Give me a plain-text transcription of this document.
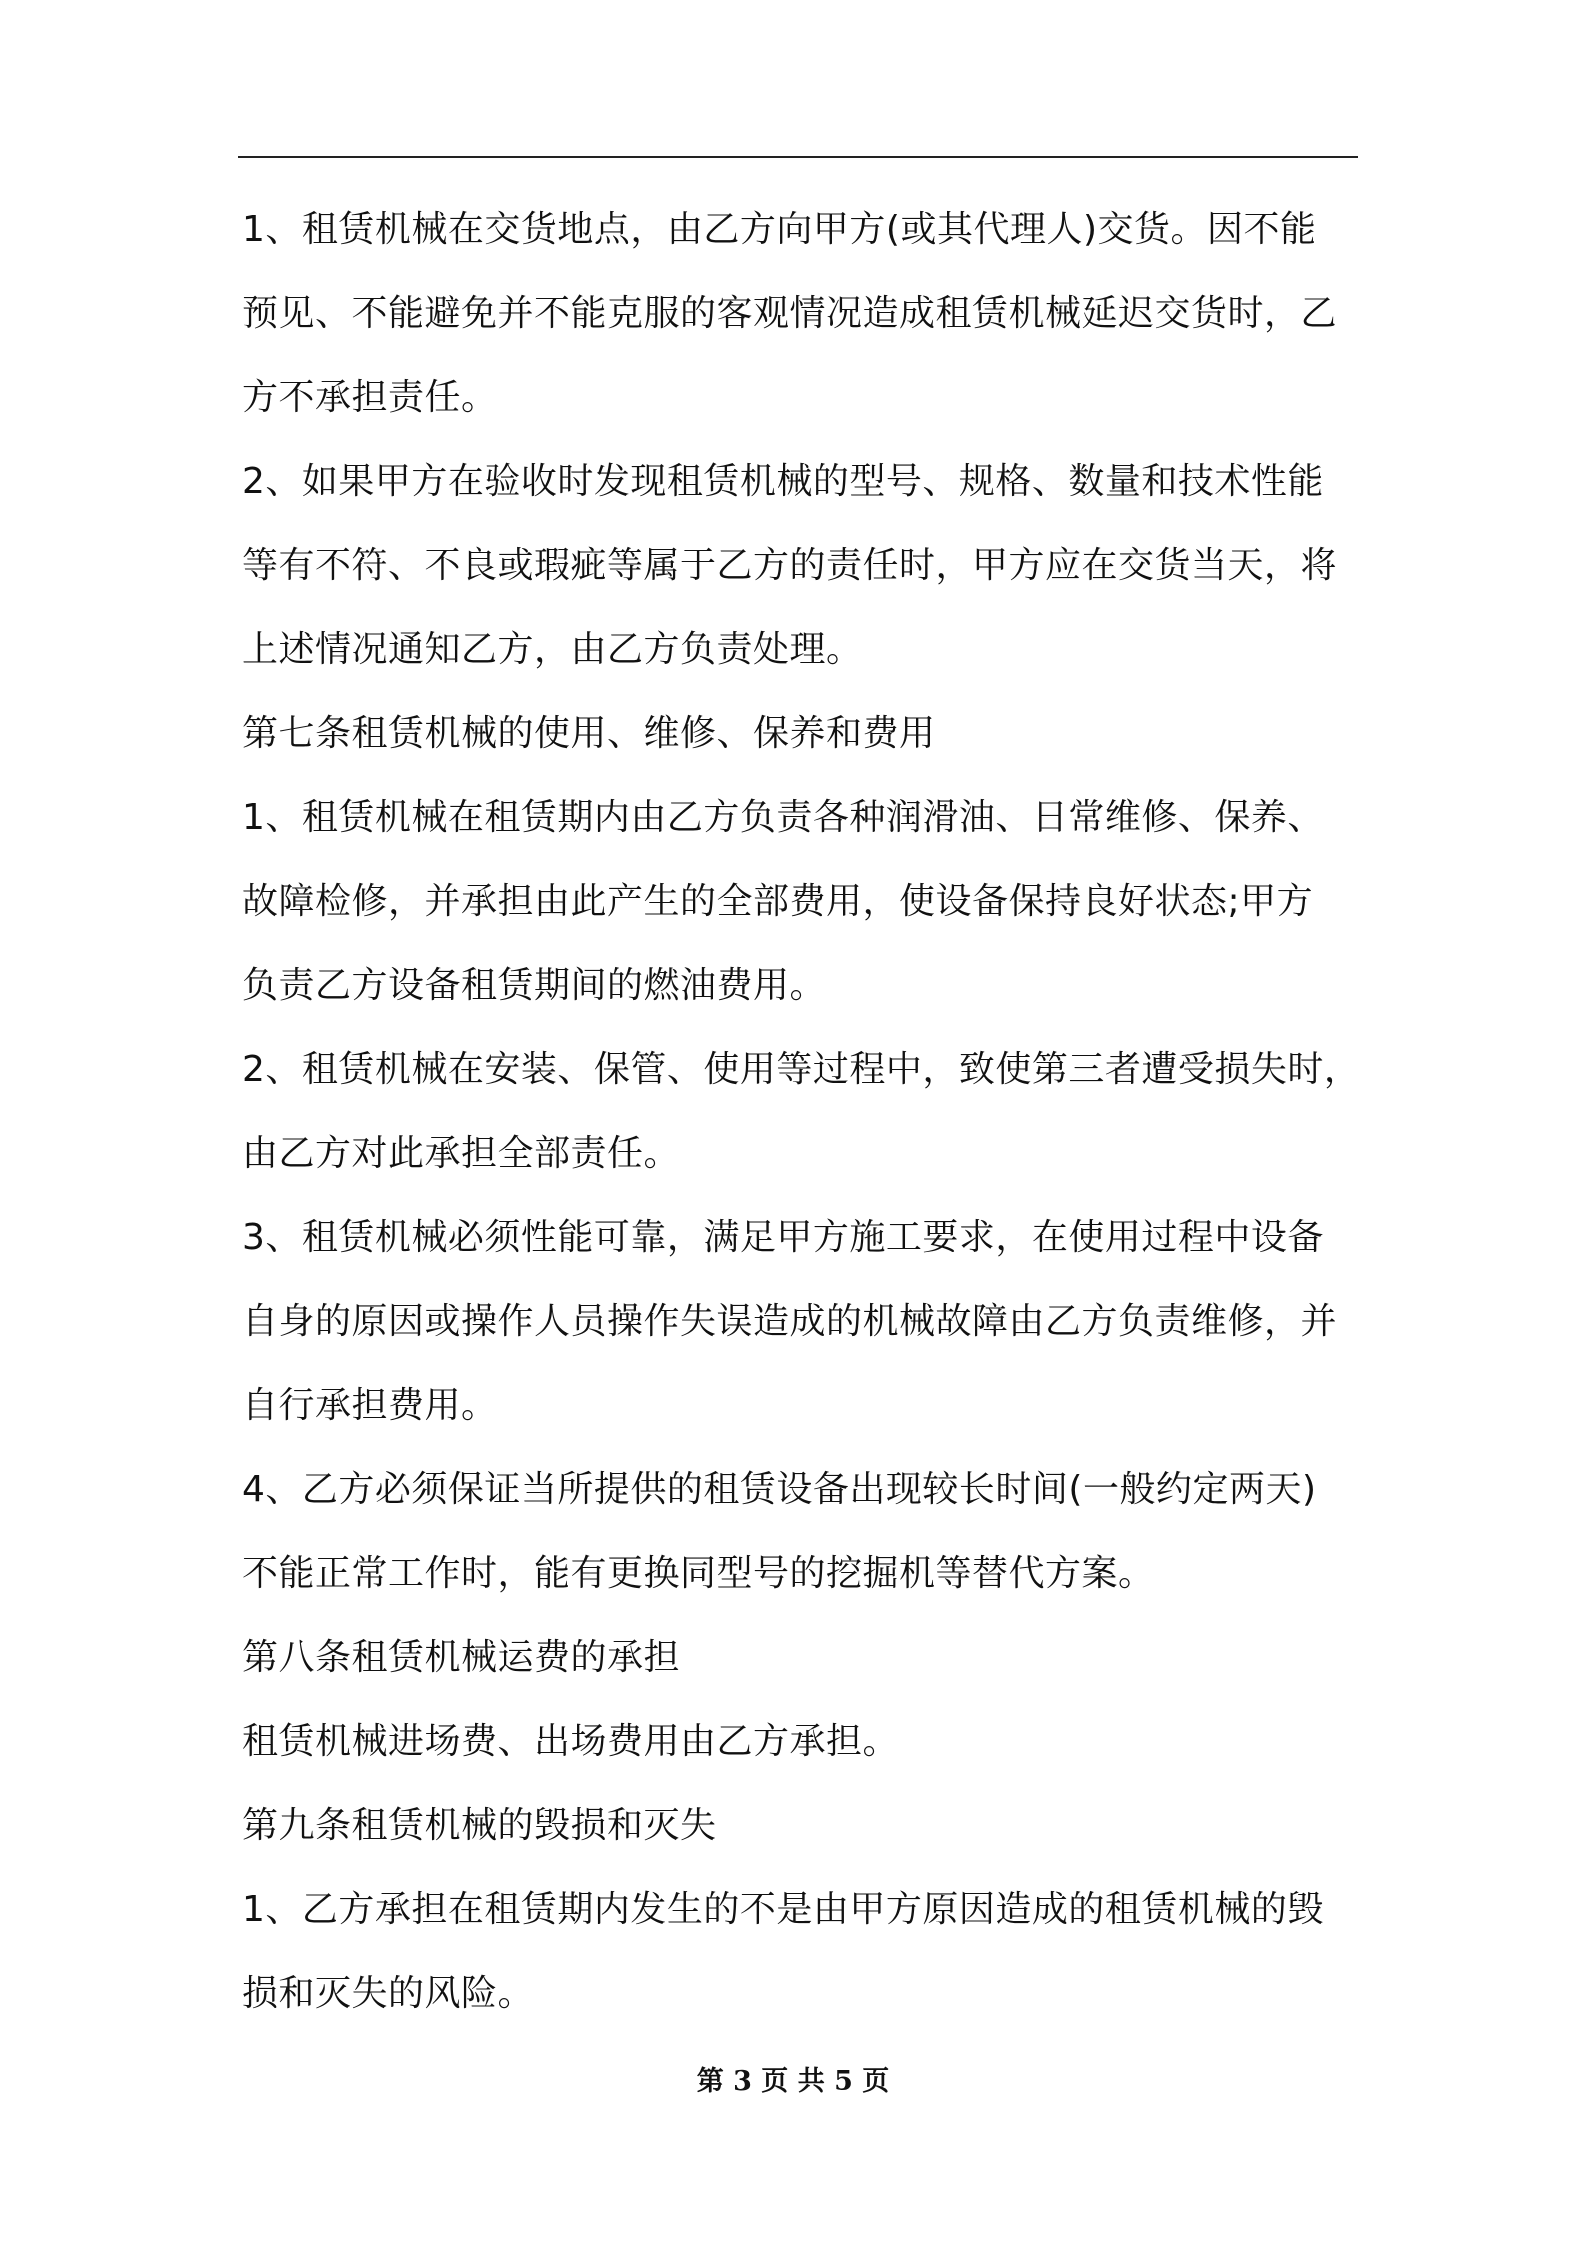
1、租赁机械在交货地点，由乙方向甲方(或其代理人)交货。因不能
预见、不能避免并不能克服的客观情况造成租赁机械延迟交货时，乙
方不承担责任。
2、如果甲方在验收时发现租赁机械的型号、规格、数量和技术性能
等有不符、不良或瑕疵等属于乙方的责任时，甲方应在交货当天，将
上述情况通知乙方，由乙方负责处理。
第七条租赁机械的使用、维修、保养和费用
1、租赁机械在租赁期内由乙方负责各种润滑油、日常维修、保养、
故障检修，并承担由此产生的全部费用，使设备保持良好状态;甲方
负责乙方设备租赁期间的燃油费用。
2、租赁机械在安装、保管、使用等过程中，致使第三者遭受损失时，
由乙方对此承担全部责任。
3、租赁机械必须性能可靠，满足甲方施工要求，在使用过程中设备
自身的原因或操作人员操作失误造成的机械故障由乙方负责维修，并
自行承担费用。
4、乙方必须保证当所提供的租赁设备出现较长时间(一般约定两天)
不能正常工作时，能有更换同型号的挖掘机等替代方案。
第八条租赁机械运费的承担
租赁机械进场费、出场费用由乙方承担。
第九条租赁机械的毁损和灭失
1、乙方承担在租赁期内发生的不是由甲方原因造成的租赁机械的毁
损和灭失的风险。
第 3 页 共 5 页
